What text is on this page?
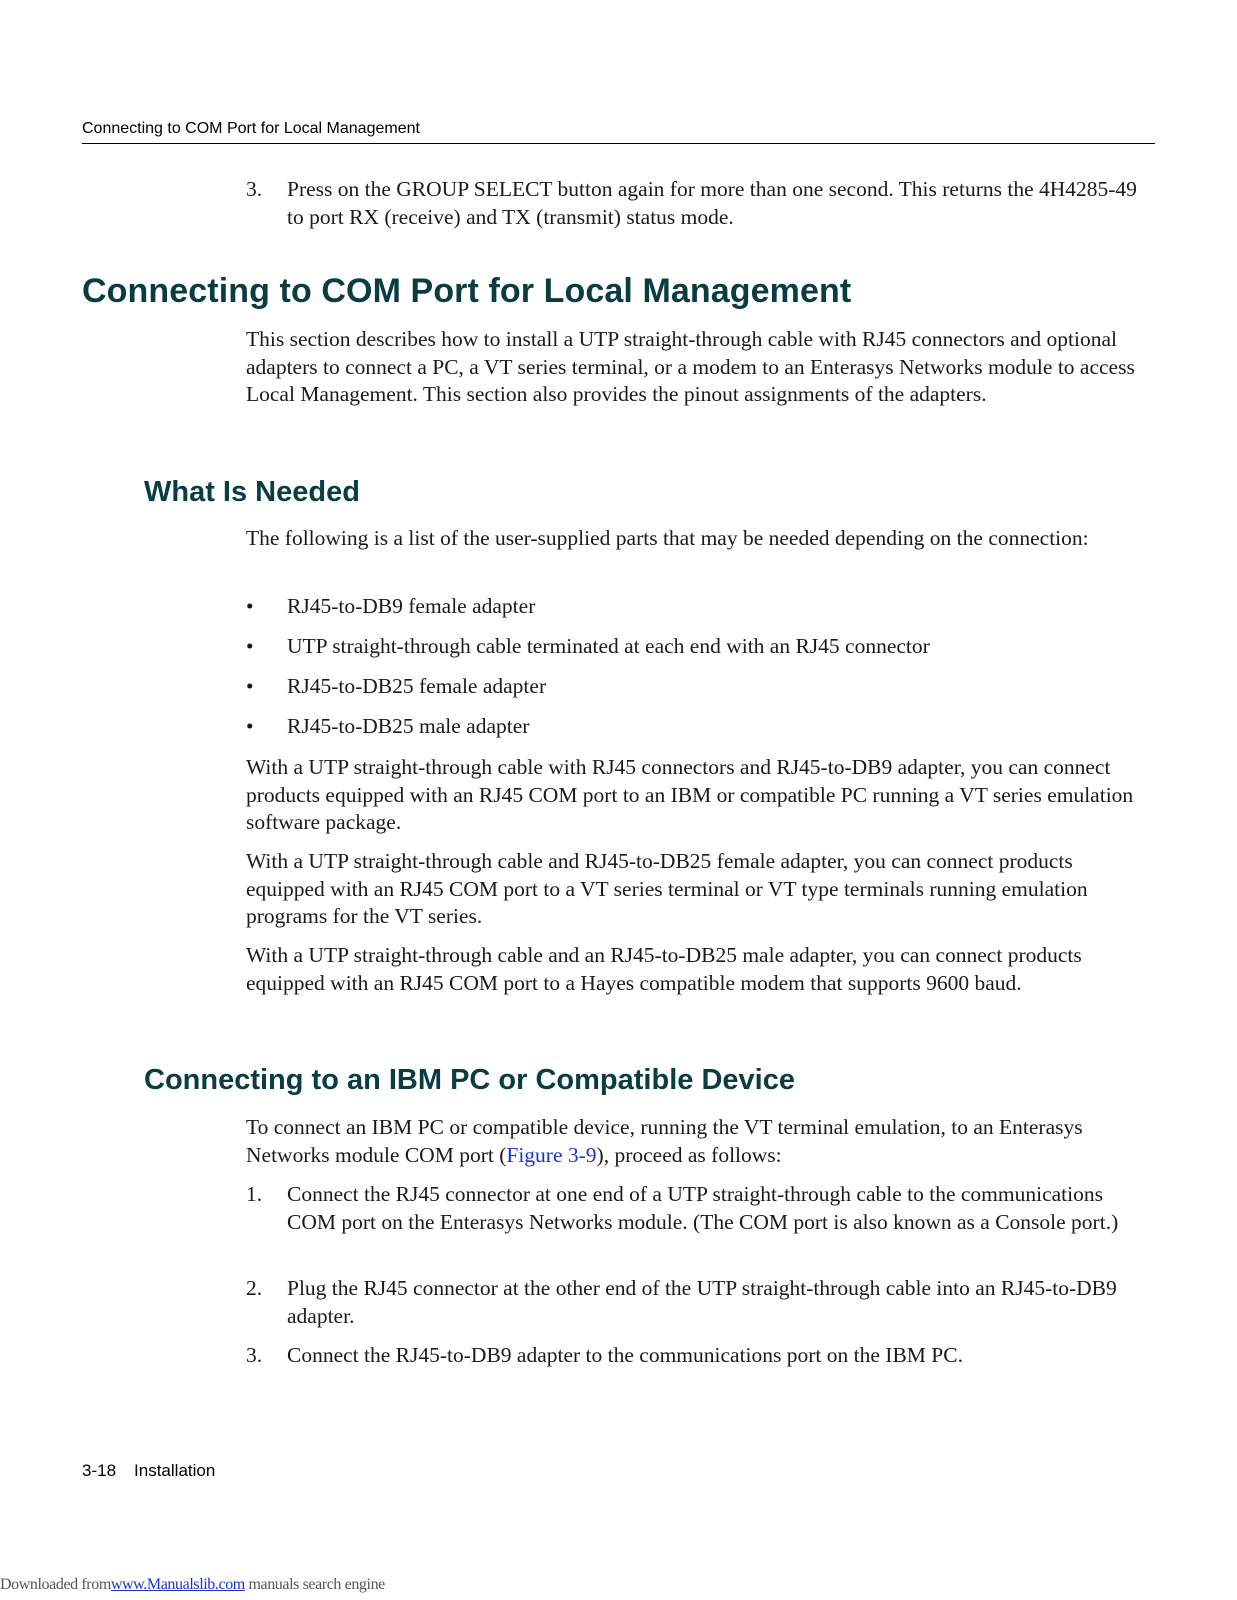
Connecting to COM Port for Local Management
3. Press on the GROUP SELECT button again for more than one second. This returns the 4H4285-49 to port RX (receive) and TX (transmit) status mode.
Connecting to COM Port for Local Management

This section describes how to install a UTP straight-through cable with RJ45 connectors and optional adapters to connect a PC, a VT series terminal, or a modem to an Enterasys Networks module to access Local Management. This section also provides the pinout assignments of the adapters.

What Is Needed

The following is a list of the user-supplied parts that may be needed depending on the connection:

• RJ45-to-DB9 female adapter
• UTP straight-through cable terminated at each end with an RJ45 connector
• RJ45-to-DB25 female adapter
• RJ45-to-DB25 male adapter

With a UTP straight-through cable with RJ45 connectors and RJ45-to-DB9 adapter, you can connect products equipped with an RJ45 COM port to an IBM or compatible PC running a VT series emulation software package.

With a UTP straight-through cable and RJ45-to-DB25 female adapter, you can connect products equipped with an RJ45 COM port to a VT series terminal or VT type terminals running emulation programs for the VT series.

With a UTP straight-through cable and an RJ45-to-DB25 male adapter, you can connect products equipped with an RJ45 COM port to a Hayes compatible modem that supports 9600 baud.

Connecting to an IBM PC or Compatible Device

To connect an IBM PC or compatible device, running the VT terminal emulation, to an Enterasys Networks module COM port (Figure 3-9), proceed as follows:

1. Connect the RJ45 connector at one end of a UTP straight-through cable to the communications COM port on the Enterasys Networks module. (The COM port is also known as a Console port.)
2. Plug the RJ45 connector at the other end of the UTP straight-through cable into an RJ45-to-DB9 adapter.
3. Connect the RJ45-to-DB9 adapter to the communications port on the IBM PC.
3-18 Installation
Downloaded fromwww.Manualslib.com manuals search engine
